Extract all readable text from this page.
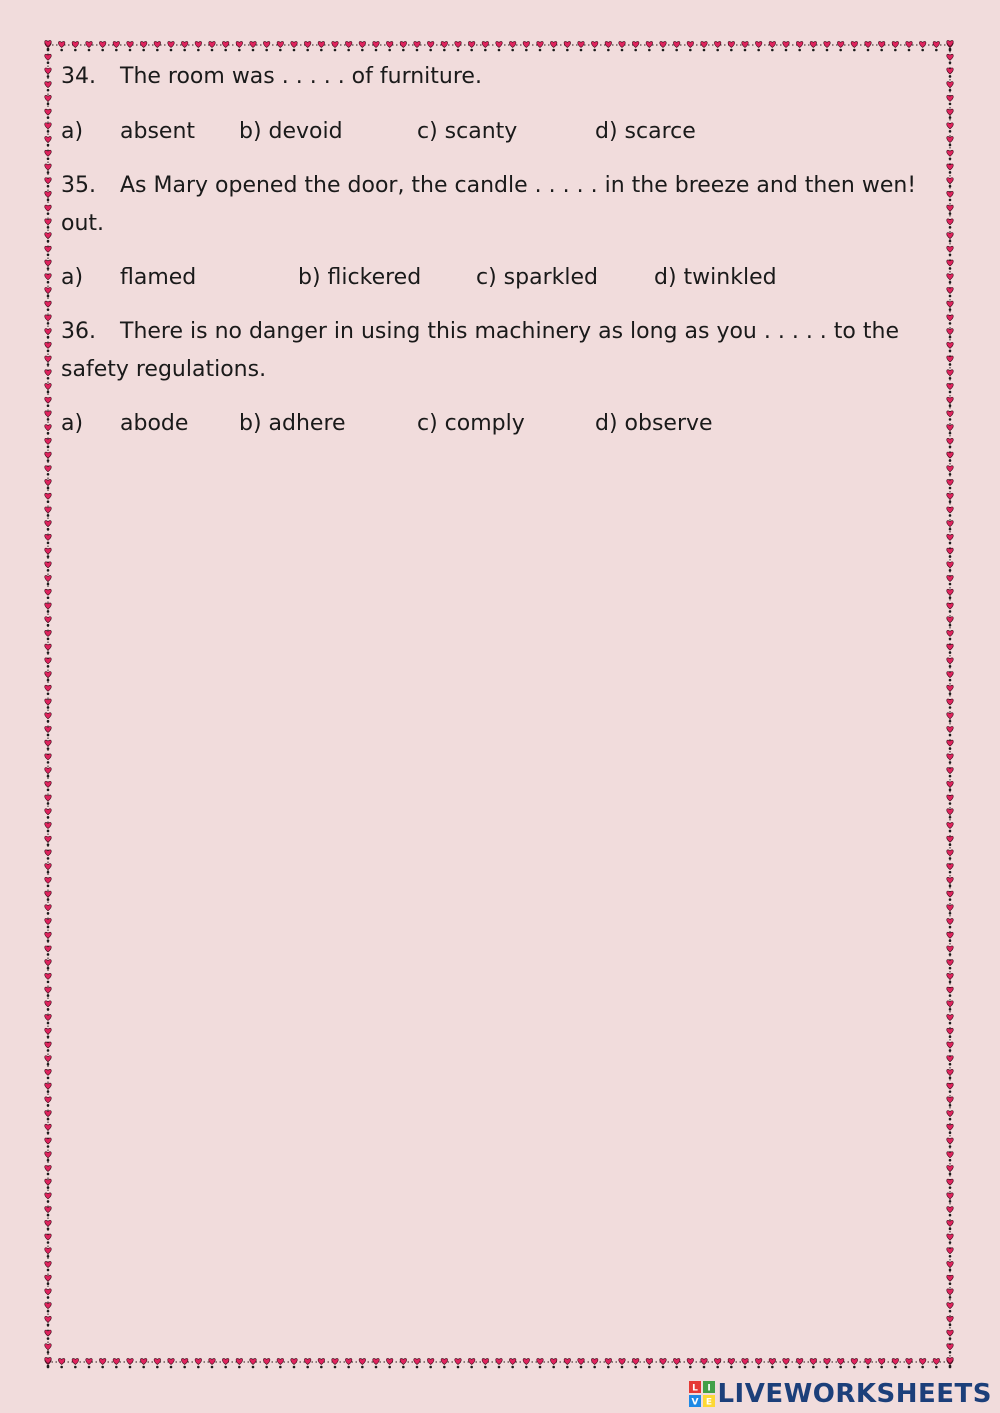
34. The room was . . . . . of furniture.
a) absent b) devoid	c) scanty	d) scarce
35. As Mary opened the door, the candle . . . . . in the breeze and then wen!
out.
a) flamed	b) flickered c) sparkled	d) twinkled
36. There is no danger in using this machinery as long as you . . . . . to the
safety regulations.
a) abode b) adhere	c) comply	d) observe
L I
V E LIVEWORKSHEETS
